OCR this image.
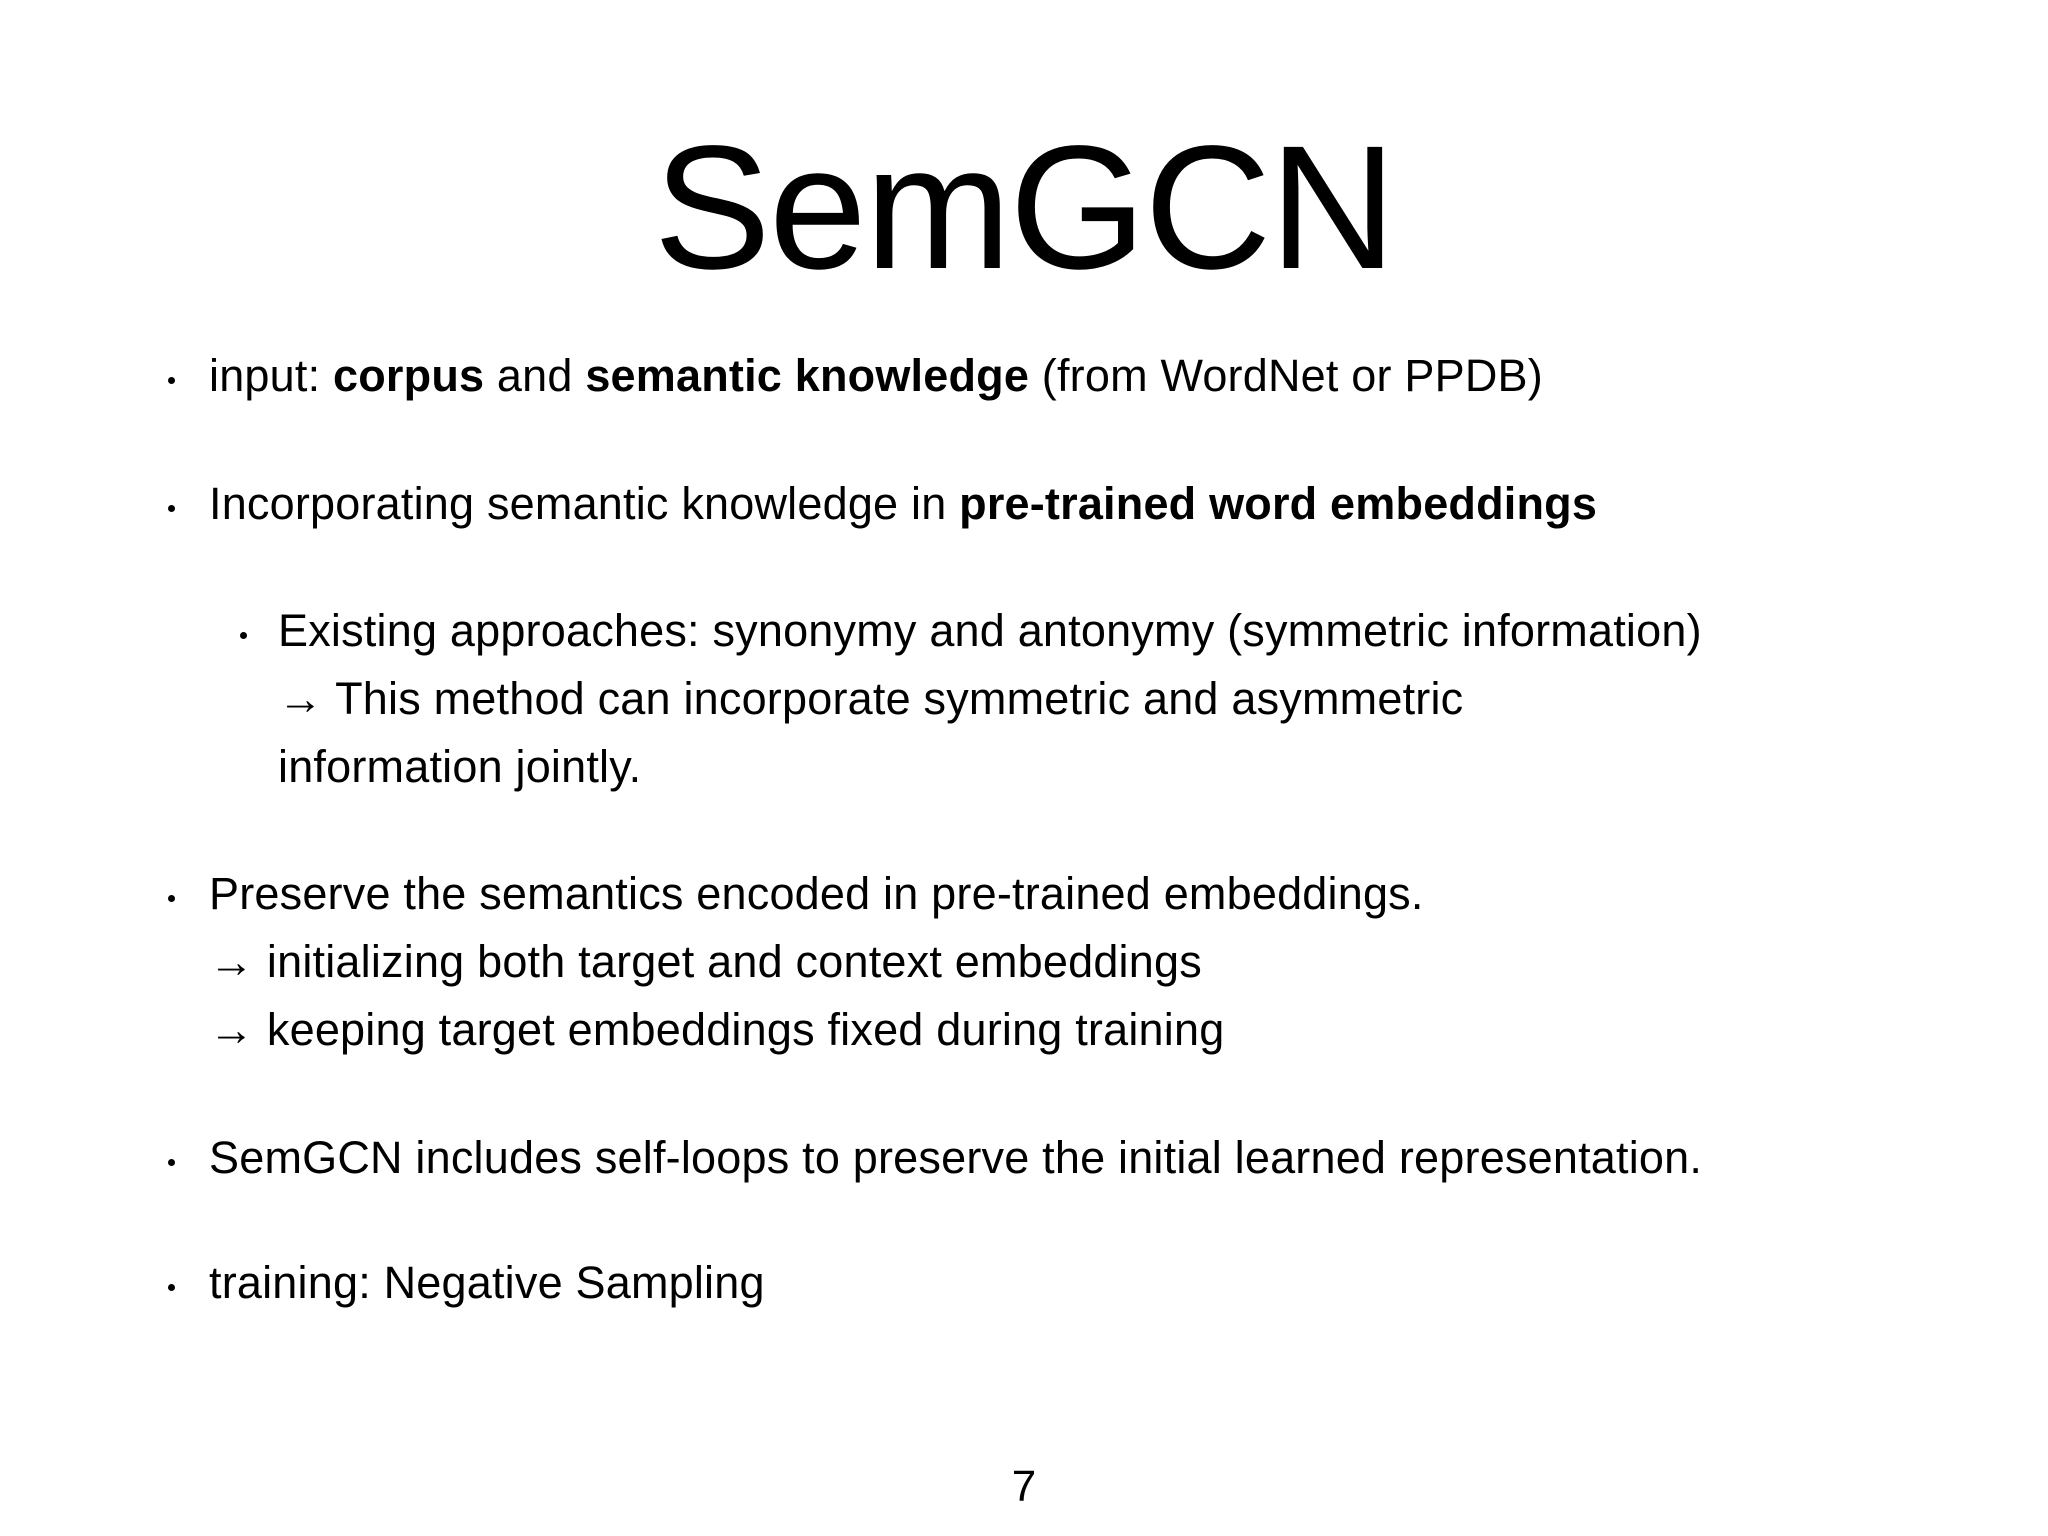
SemGCN
input: corpus and semantic knowledge (from WordNet or PPDB)
Incorporating semantic knowledge in pre-trained word embeddings
Existing approaches: synonymy and antonymy (symmetric information)
→ This method can incorporate symmetric and asymmetric
information jointly.
Preserve the semantics encoded in pre-trained embeddings.
→ initializing both target and context embeddings
→ keeping target embeddings fixed during training
SemGCN includes self-loops to preserve the initial learned representation.
training: Negative Sampling
7
